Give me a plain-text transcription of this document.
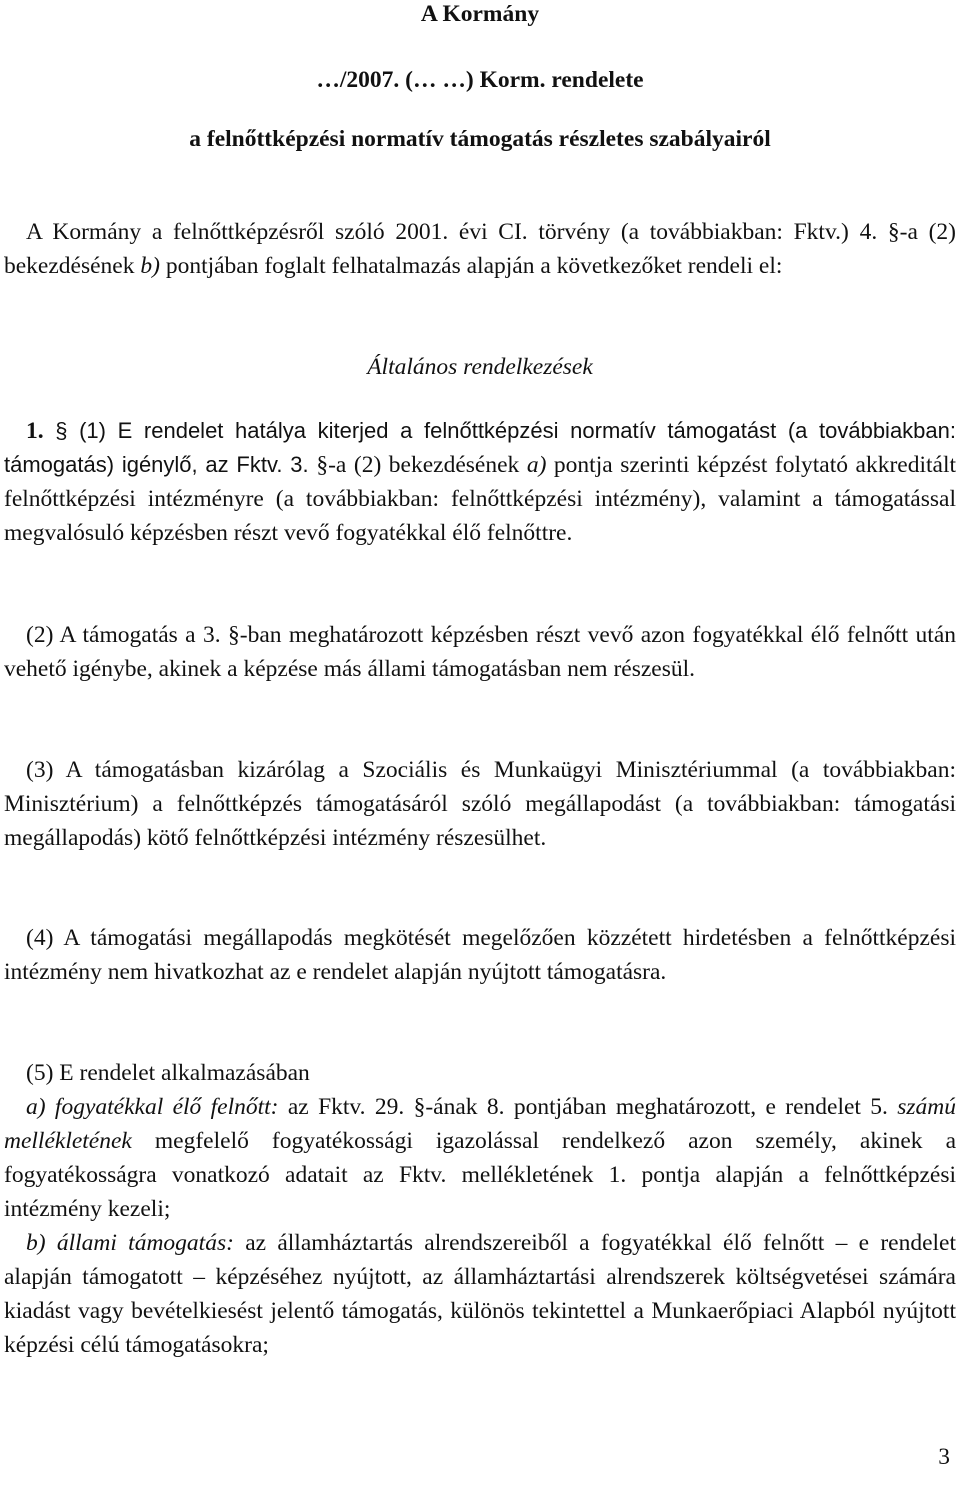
A Kormány
…/2007. (… …) Korm. rendelete
a felnőttképzési normatív támogatás részletes szabályairól
A Kormány a felnőttképzésről szóló 2001. évi CI. törvény (a továbbiakban: Fktv.) 4. §-a (2) bekezdésének b) pontjában foglalt felhatalmazás alapján a következőket rendeli el:
Általános rendelkezések
1. § (1) E rendelet hatálya kiterjed a felnőttképzési normatív támogatást (a továbbiakban: támogatás) igénylő, az Fktv. 3. §-a (2) bekezdésének a) pontja szerinti képzést folytató akkreditált felnőttképzési intézményre (a továbbiakban: felnőttképzési intézmény), valamint a támogatással megvalósuló képzésben részt vevő fogyatékkal élő felnőttre.
(2) A támogatás a 3. §-ban meghatározott képzésben részt vevő azon fogyatékkal élő felnőtt után vehető igénybe, akinek a képzése más állami támogatásban nem részesül.
(3) A támogatásban kizárólag a Szociális és Munkaügyi Minisztériummal (a továbbiakban: Minisztérium) a felnőttképzés támogatásáról szóló megállapodást (a továbbiakban: támogatási megállapodás) kötő felnőttképzési intézmény részesülhet.
(4) A támogatási megállapodás megkötését megelőzően közzétett hirdetésben a felnőttképzési intézmény nem hivatkozhat az e rendelet alapján nyújtott támogatásra.
(5) E rendelet alkalmazásában

a) fogyatékkal élő felnőtt: az Fktv. 29. §-ának 8. pontjában meghatározott, e rendelet 5. számú mellékletének megfelelő fogyatékossági igazolással rendelkező azon személy, akinek a fogyatékosságra vonatkozó adatait az Fktv. mellékletének 1. pontja alapján a felnőttképzési intézmény kezeli;

b) állami támogatás: az államháztartás alrendszereiből a fogyatékkal élő felnőtt – e rendelet alapján támogatott – képzéséhez nyújtott, az államháztartási alrendszerek költségvetései számára kiadást vagy bevételkiesést jelentő támogatás, különös tekintettel a Munkaerőpiaci Alapból nyújtott képzési célú támogatásokra;

3
